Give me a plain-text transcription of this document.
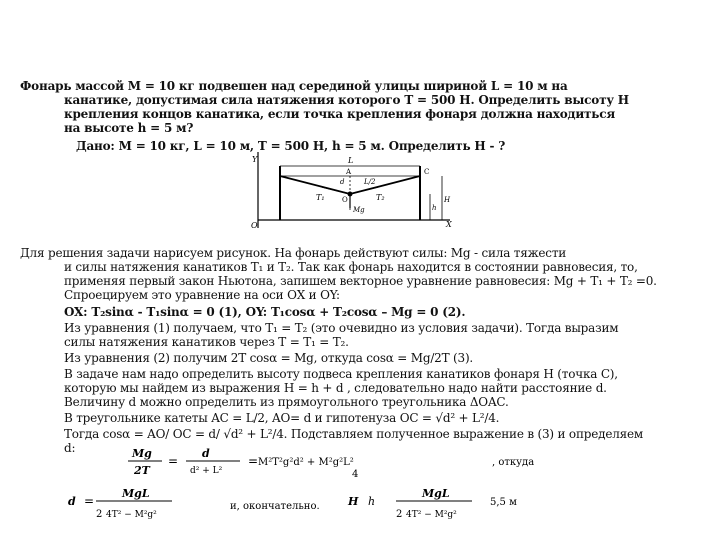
Фонарь массой М = 10 кг подвешен над серединой улицы шириной L = 10 м на
канатике, допустимая сила натяжения которого Т = 500 Н. Определить высоту Н
крепления концов канатика, если точка крепления фонаря должна находиться
на высоте h = 5 м?
Дано: М = 10 кг, L = 10 м, Т = 500 Н, h = 5 м. Определить Н - ?
Y
X
L
A	C
L/2
d
T₁	T₂
O
Mg	h
H
O
Для решения задачи нарисуем рисунок. На фонарь действуют силы: Mg - сила тяжести
и силы натяжения канатиков T₁ и T₂. Так как фонарь находится в состоянии равновесия, то,
применяя первый закон Ньютона, запишем векторное уравнение равновесия: Mg + T₁ + T₂ =0.
Спроецируем это уравнение на оси ОХ и OY:
OX: T₂sinα - T₁sinα = 0 (1), OY: T₁cosα + T₂cosα – Mg = 0 (2).
Из уравнения (1) получаем, что T₁ = T₂ (это очевидно из условия задачи). Тогда выразим
силы натяжения канатиков через T = T₁ = T₂.
Из уравнения (2) получим 2T cosα = Mg, откуда cosα = Mg/2T (3).
В задаче нам надо определить высоту подвеса крепления канатиков фонаря H (точка С),
которую мы найдем из выражения H = h + d , следовательно надо найти расстояние d.
Величину d можно определить из прямоугольного треугольника ΔOAC.
В треугольнике катеты AC = L/2, AO= d и гипотенуза OC = √d² + L²/4.
Тогда cosα = AO/ OC = d/ √d² + L²/4. Подставляем полученное выражение в (3) и определяем
d:	Mg
2T
=
d
d² + L²
= M²T²g²d² + M²g²L²
4
, откуда
d =
MgL
2 4T² − M²g²
и, окончательно.	H h
MgL
2 4T² − M²g²
5,5 м
